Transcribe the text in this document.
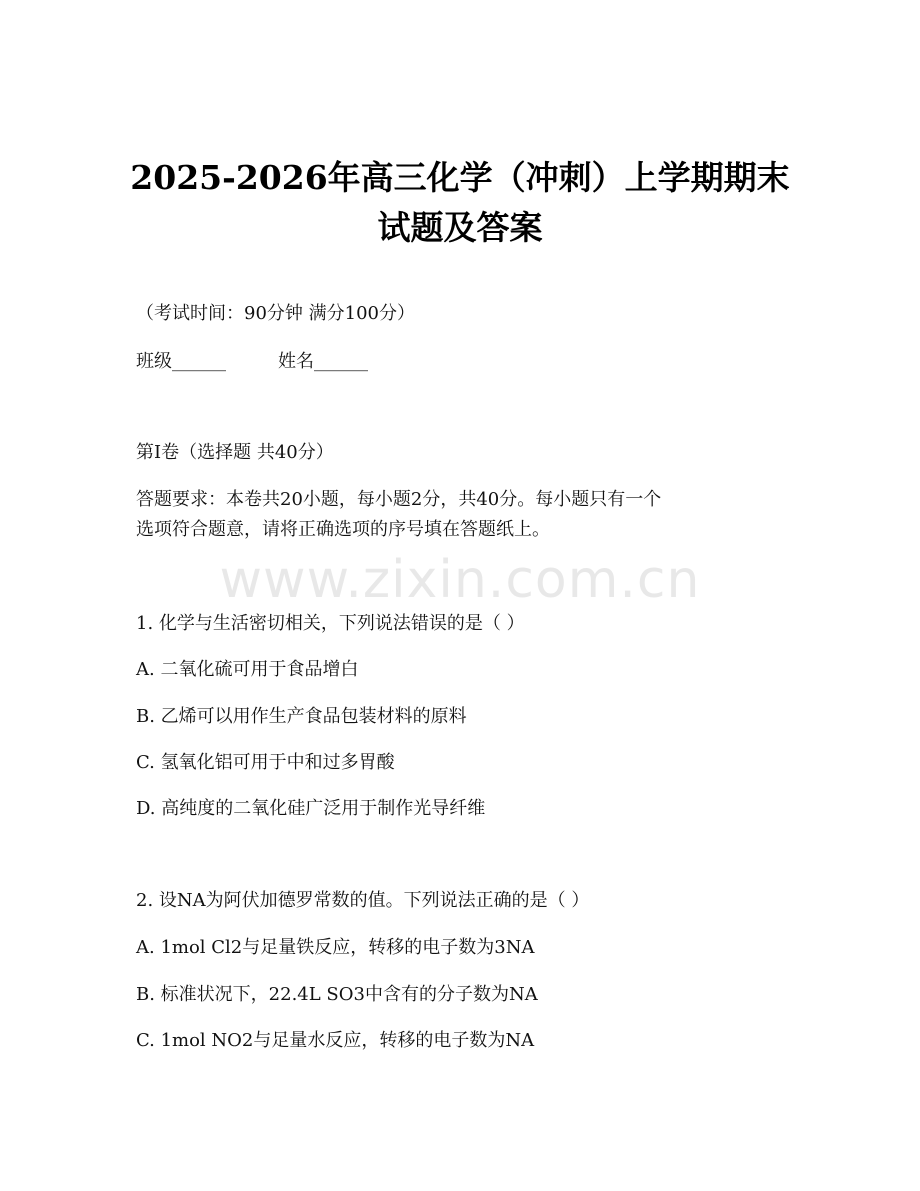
2025-2026年高三化学（冲刺）上学期期末
试题及答案
（考试时间：90分钟 满分100分）
班级______	姓名______
第I卷（选择题 共40分）
答题要求：本卷共20小题，每小题2分，共40分。每小题只有一个
选项符合题意，请将正确选项的序号填在答题纸上。
www.zixin.com.cn
1. 化学与生活密切相关，下列说法错误的是（ ）
A. 二氧化硫可用于食品增白
B. 乙烯可以用作生产食品包装材料的原料
C. 氢氧化铝可用于中和过多胃酸
D. 高纯度的二氧化硅广泛用于制作光导纤维
2. 设NA为阿伏加德罗常数的值。下列说法正确的是（ ）
A. 1mol Cl2与足量铁反应，转移的电子数为3NA
B. 标准状况下，22.4L SO3中含有的分子数为NA
C. 1mol NO2与足量水反应，转移的电子数为NA
